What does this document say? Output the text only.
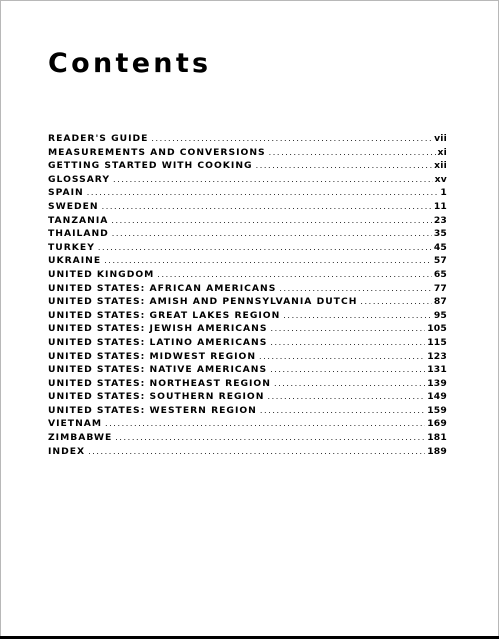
Contents
READER'S GUIDE .....	vii
MEASUREMENTS AND CONVERSIONS .....	xi
GETTING STARTED WITH COOKING .....	xii
GLOSSARY .....	xv
SPAIN .....	1
SWEDEN .....	11
TANZANIA .....	23
THAILAND .....	35
TURKEY .....	45
UKRAINE .....	57
UNITED KINGDOM .....	65
UNITED STATES: AFRICAN AMERICANS .....	77
UNITED STATES: AMISH AND PENNSYLVANIA DUTCH .....	87
UNITED STATES: GREAT LAKES REGION .....	95
UNITED STATES: JEWISH AMERICANS .....	105
UNITED STATES: LATINO AMERICANS .....	115
UNITED STATES: MIDWEST REGION .....	123
UNITED STATES: NATIVE AMERICANS .....	131
UNITED STATES: NORTHEAST REGION .....	139
UNITED STATES: SOUTHERN REGION .....	149
UNITED STATES: WESTERN REGION .....	159
VIETNAM .....	169
ZIMBABWE .....	181
INDEX .....	189
